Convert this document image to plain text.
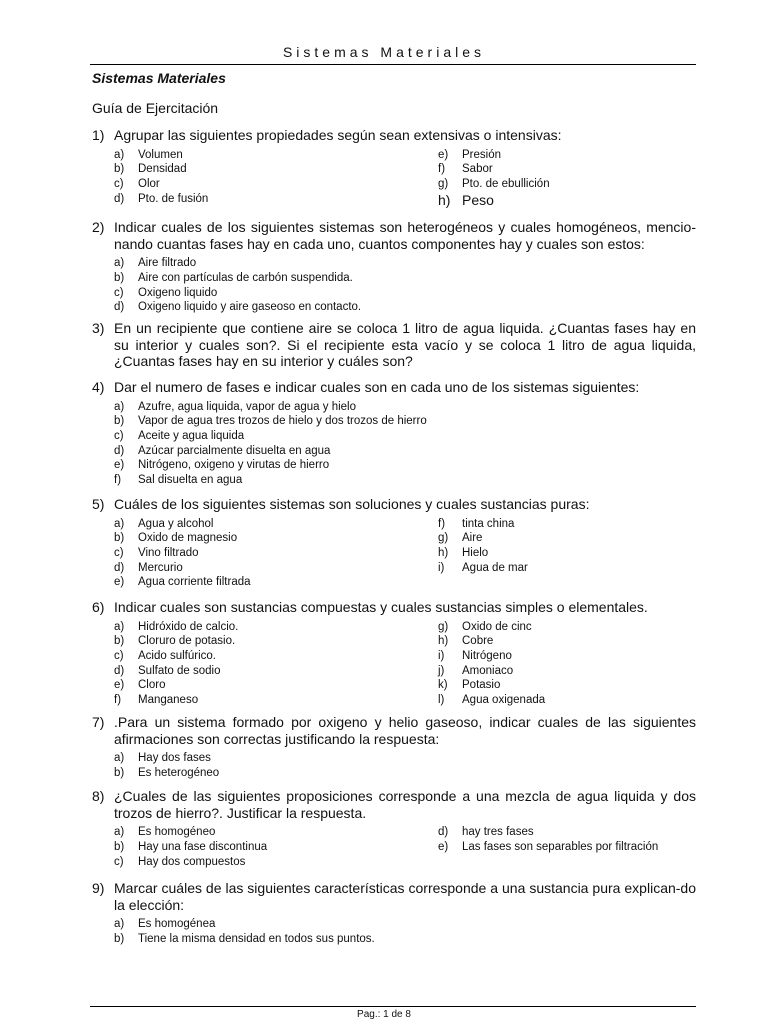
Sistemas Materiales
Sistemas Materiales
Guía de Ejercitación
1) Agrupar las siguientes propiedades según sean extensivas o intensivas:
a)	Volumen
b)	Densidad
c)	Olor
d)	Pto. de fusión
e)	Presión
f)	Sabor
g)	Pto. de ebullición
h) Peso
2) Indicar cuales de los siguientes sistemas son heterogéneos y cuales homogéneos, mencio-nando cuantas fases hay en cada uno, cuantos componentes hay y cuales son estos:
a)	Aire filtrado
b)	Aire con partículas de carbón suspendida.
c)	Oxigeno liquido
d)	Oxigeno liquido y aire gaseoso en contacto.
3) En un recipiente que contiene aire se coloca 1 litro de agua liquida. ¿Cuantas fases hay en su interior y cuales son?. Si el recipiente esta vacío y se coloca 1 litro de agua liquida, ¿Cuantas fases hay en su interior y cuáles son?
4) Dar el numero de fases e indicar cuales son en cada uno de los sistemas siguientes:
a)	Azufre, agua liquida, vapor de agua y hielo
b)	Vapor de agua tres trozos de hielo y dos trozos de hierro
c)	Aceite y agua liquida
d)	Azúcar parcialmente disuelta en agua
e)	Nitrógeno, oxigeno y virutas de hierro
f)	Sal disuelta en agua
5) Cuáles de los siguientes sistemas son soluciones y cuales sustancias puras:
a)	Agua y alcohol
b)	Oxido de magnesio
c)	Vino filtrado
d)	Mercurio
e)	Agua corriente filtrada
f)	tinta china
g)	Aire
h)	Hielo
i)	Agua de mar
6) Indicar cuales son sustancias compuestas y cuales sustancias simples o elementales.
a)	Hidróxido de calcio.
b)	Cloruro de potasio.
c)	Acido sulfúrico.
d)	Sulfato de sodio
e)	Cloro
f)	Manganeso
g)	Oxido de cinc
h)	Cobre
i)	Nitrógeno
j)	Amoniaco
k)	Potasio
l)	Agua oxigenada
7) .Para un sistema formado por oxigeno y helio gaseoso, indicar cuales de las siguientes afirmaciones son correctas justificando la respuesta:
a)	Hay dos fases
b)	Es heterogéneo
8) ¿Cuales de las siguientes proposiciones corresponde a una mezcla de agua liquida y dos trozos de hierro?. Justificar la respuesta.
a)	Es homogéneo
b)	Hay una fase discontinua
c)	Hay dos compuestos
d)	hay tres fases
e)	Las fases son separables por filtración
9) Marcar cuáles de las siguientes características corresponde a una sustancia pura explican-do la elección:
a)	Es homogénea
b)	Tiene la misma densidad en todos sus puntos.
Pag.: 1 de 8
